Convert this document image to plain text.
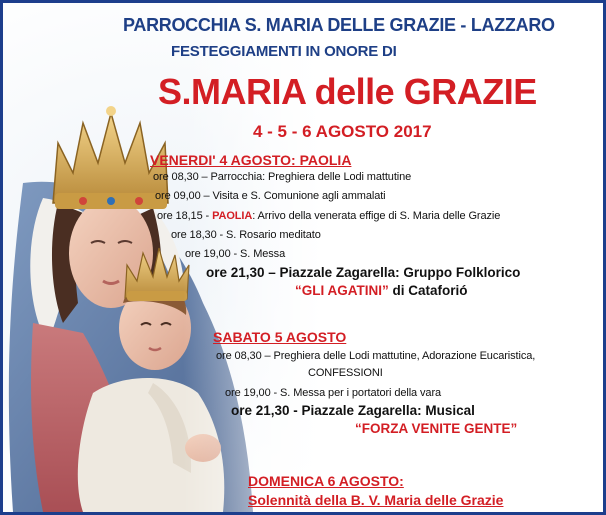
PARROCCHIA S. MARIA DELLE GRAZIE - LAZZARO
FESTEGGIAMENTI IN ONORE DI
S.MARIA delle GRAZIE
4 - 5 - 6 AGOSTO 2017
VENERDI' 4 AGOSTO: PAOLIA
ore 08,30 – Parrocchia: Preghiera delle Lodi mattutine
ore 09,00 – Visita e S. Comunione agli ammalati
ore 18,15 - PAOLIA: Arrivo della venerata effige di S. Maria delle Grazie
ore 18,30 - S. Rosario meditato
ore 19,00 - S. Messa
ore 21,30 – Piazzale Zagarella: Gruppo Folklorico
“GLI AGATINI” di Cataforió
SABATO 5 AGOSTO
ore 08,30 – Preghiera delle Lodi mattutine, Adorazione Eucaristica,
CONFESSIONI
ore 19,00 - S. Messa per i portatori della vara
ore 21,30 - Piazzale Zagarella: Musical
“FORZA VENITE GENTE”
DOMENICA 6 AGOSTO:
Solennità della B. V. Maria delle Grazie
